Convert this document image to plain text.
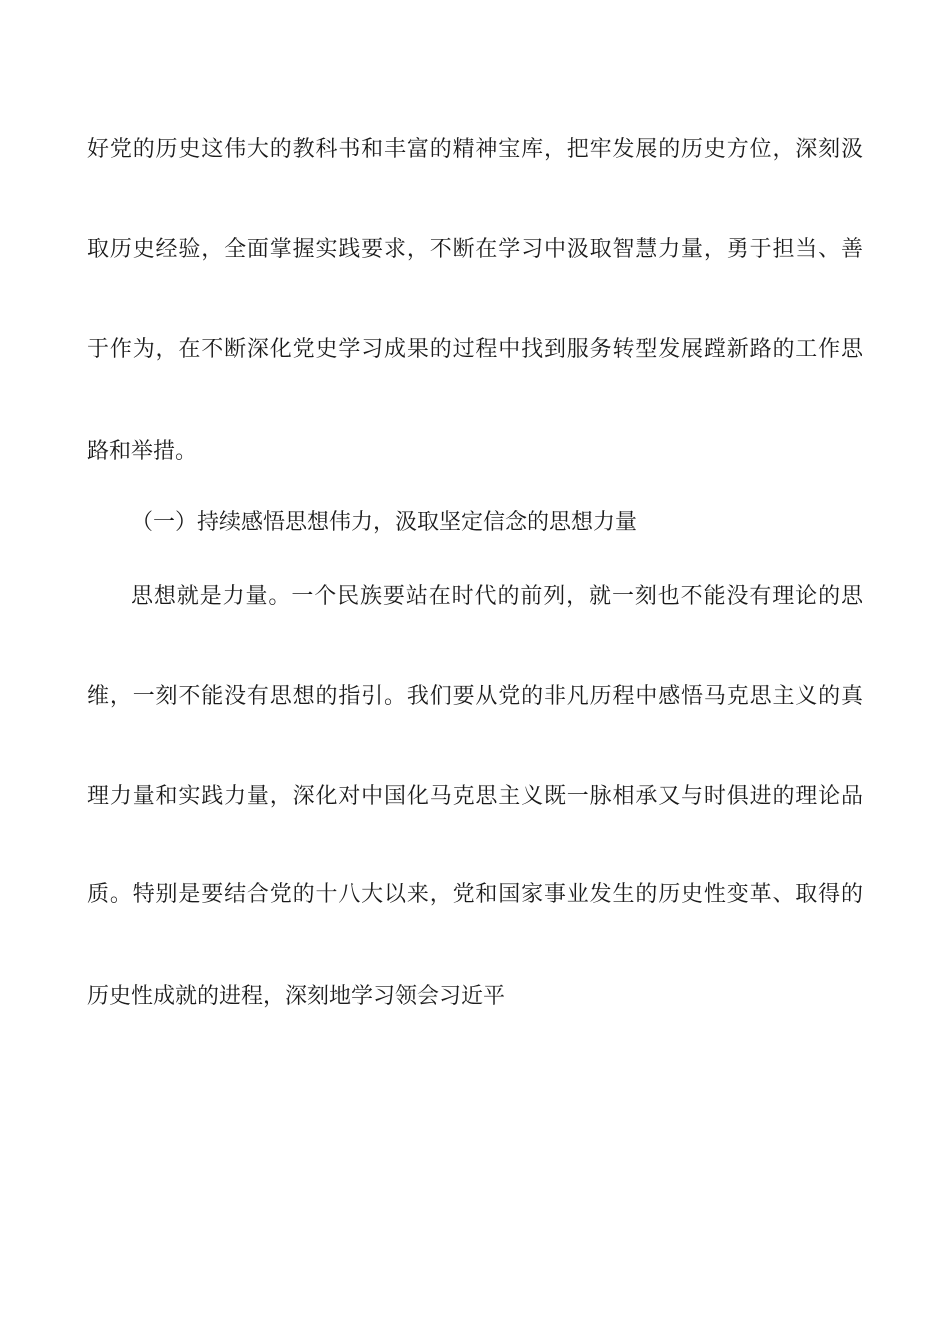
好党的历史这伟大的教科书和丰富的精神宝库，把牢发展的历史方位，深刻汲
取历史经验，全面掌握实践要求，不断在学习中汲取智慧力量，勇于担当、善
于作为，在不断深化党史学习成果的过程中找到服务转型发展蹚新路的工作思
路和举措。
（一）持续感悟思想伟力，汲取坚定信念的思想力量
思想就是力量。一个民族要站在时代的前列，就一刻也不能没有理论的思
维，一刻不能没有思想的指引。我们要从党的非凡历程中感悟马克思主义的真
理力量和实践力量，深化对中国化马克思主义既一脉相承又与时俱进的理论品
质。特别是要结合党的十八大以来，党和国家事业发生的历史性变革、取得的
历史性成就的进程，深刻地学习领会习近平
